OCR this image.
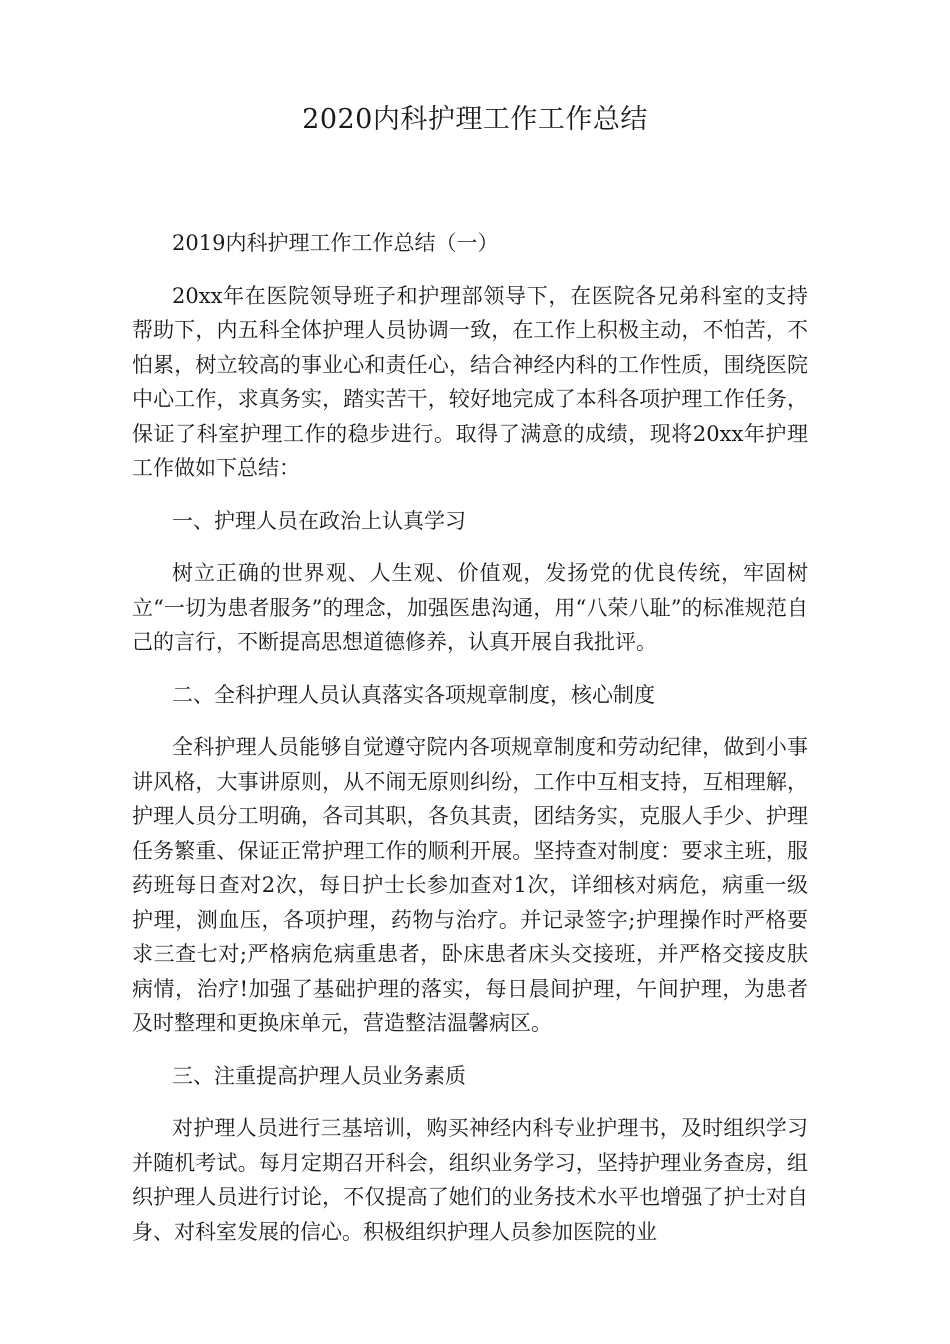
2020内科护理工作工作总结

2019内科护理工作工作总结（一）

20xx年在医院领导班子和护理部领导下，在医院各兄弟科室的支持帮助下，内五科全体护理人员协调一致，在工作上积极主动，不怕苦，不怕累，树立较高的事业心和责任心，结合神经内科的工作性质，围绕医院中心工作，求真务实，踏实苦干，较好地完成了本科各项护理工作任务，保证了科室护理工作的稳步进行。取得了满意的成绩，现将20xx年护理工作做如下总结：

一、护理人员在政治上认真学习

树立正确的世界观、人生观、价值观，发扬党的优良传统，牢固树立“一切为患者服务”的理念，加强医患沟通，用“八荣八耻”的标准规范自己的言行，不断提高思想道德修养，认真开展自我批评。

二、全科护理人员认真落实各项规章制度，核心制度

全科护理人员能够自觉遵守院内各项规章制度和劳动纪律，做到小事讲风格，大事讲原则，从不闹无原则纠纷，工作中互相支持，互相理解，护理人员分工明确，各司其职，各负其责，团结务实，克服人手少、护理任务繁重、保证正常护理工作的顺利开展。坚持查对制度：要求主班，服药班每日查对2次，每日护士长参加查对1次，详细核对病危，病重一级护理，测血压，各项护理，药物与治疗。并记录签字;护理操作时严格要求三查七对;严格病危病重患者，卧床患者床头交接班，并严格交接皮肤病情，治疗!加强了基础护理的落实，每日晨间护理，午间护理，为患者及时整理和更换床单元，营造整洁温馨病区。

三、注重提高护理人员业务素质

对护理人员进行三基培训，购买神经内科专业护理书，及时组织学习并随机考试。每月定期召开科会，组织业务学习，坚持护理业务查房，组织护理人员进行讨论，不仅提高了她们的业务技术水平也增强了护士对自身、对科室发展的信心。积极组织护理人员参加医院的业
